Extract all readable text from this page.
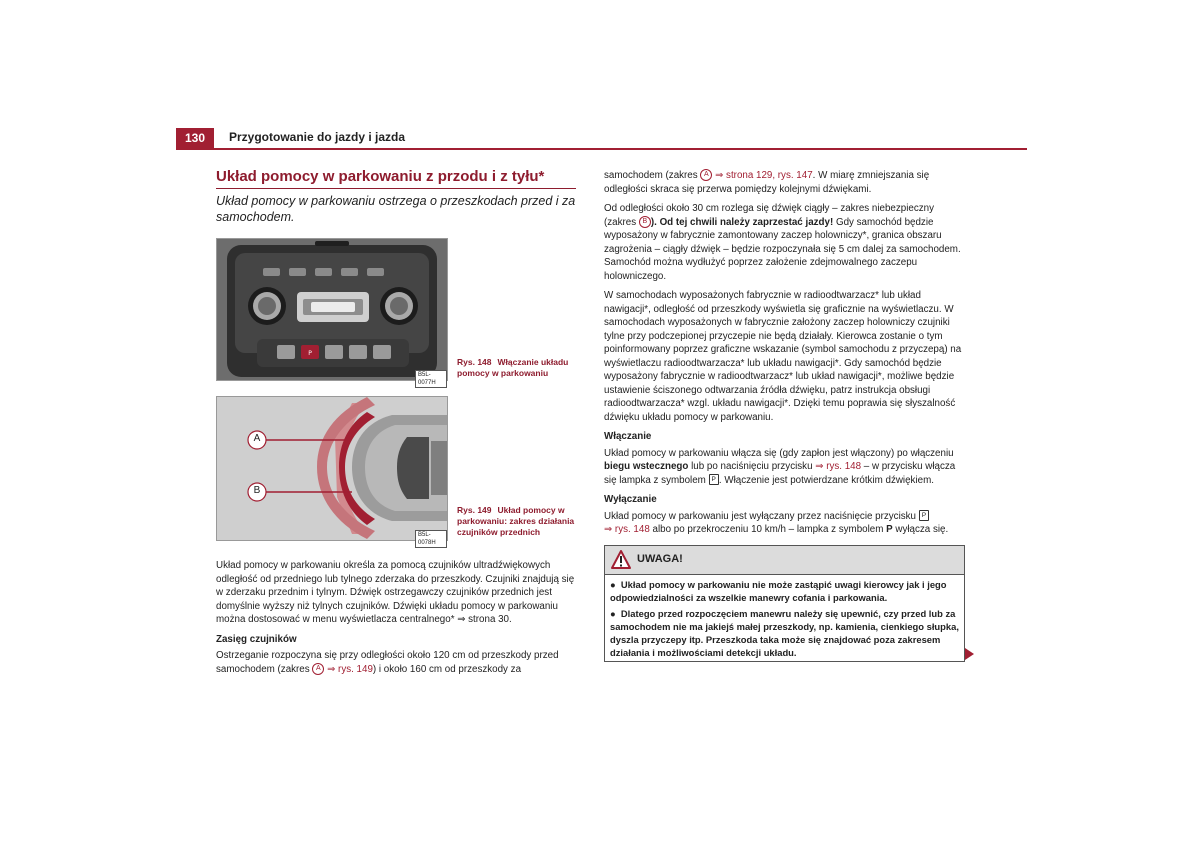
130	Przygotowanie do jazdy i jazda
Układ pomocy w parkowaniu z przodu i z tyłu*
Układ pomocy w parkowaniu ostrzega o przeszkodach przed i za samochodem.
P
B5L-0077H
Rys. 148 Włączanie układu pomocy w parkowaniu
A
B
B5L-0078H
Rys. 149 Układ pomocy w parkowaniu: zakres działania czujników przednich

Układ pomocy w parkowaniu określa za pomocą czujników ultradźwiękowych odległość od przedniego lub tylnego zderzaka do przeszkody. Czujniki znajdują się w zderzaku przednim i tylnym. Dźwięk ostrzegawczy czujników przednich jest domyślnie wyższy niż tylnych czujników. Dźwięki układu pomocy w parkowaniu można dostosować w menu wyświetlacza centralnego* ⇒ strona 30.

Zasięg czujników

Ostrzeganie rozpoczyna się przy odległości około 120 cm od przeszkody przed samochodem (zakres A ⇒ rys. 149) i około 160 cm od przeszkody za

samochodem (zakres A ⇒ strona 129, rys. 147. W miarę zmniejszania się odległości skraca się przerwa pomiędzy kolejnymi dźwiękami.

Od odległości około 30 cm rozlega się dźwięk ciągły – zakres niebezpieczny (zakres B ). Od tej chwili należy zaprzestać jazdy! Gdy samochód będzie wyposażony w fabrycznie zamontowany zaczep holowniczy*, granica obszaru zagrożenia – ciągły dźwięk – będzie rozpoczynała się 5 cm dalej za samochodem. Samochód można wydłużyć poprzez założenie zdejmowalnego zaczepu holowniczego.

W samochodach wyposażonych fabrycznie w radioodtwarzacz* lub układ nawigacji*, odległość od przeszkody wyświetla się graficznie na wyświetlaczu. W samochodach wyposażonych w fabrycznie założony zaczep holowniczy czujniki tylne przy podczepionej przyczepie nie będą działały. Kierowca zostanie o tym poinformowany poprzez graficzne wskazanie (symbol samochodu z przyczepą) na wyświetlaczu radioodtwarzacza* lub układu nawigacji*. Gdy samochód będzie wyposażony fabrycznie w radioodtwarzacz* lub układ nawigacji*, możliwe będzie ustawienie ściszonego odtwarzania źródła dźwięku, patrz instrukcja obsługi radioodtwarzacza* wzgl. układu nawigacji*. Dzięki temu poprawia się słyszalność dźwięku układu pomocy w parkowaniu.

Włączanie

Układ pomocy w parkowaniu włącza się (gdy zapłon jest włączony) po włączeniu biegu wstecznego lub po naciśnięciu przycisku ⇒ rys. 148 – w przycisku włącza się lampka z symbolem P . Włączenie jest potwierdzane krótkim dźwiękiem.

Wyłączanie

Układ pomocy w parkowaniu jest wyłączany przez naciśnięcie przycisku P
⇒ rys. 148 albo po przekroczeniu 10 km/h – lampka z symbolem P wyłącza się.

UWAGA!
● Układ pomocy w parkowaniu nie może zastąpić uwagi kierowcy jak i jego odpowiedzialności za wszelkie manewry cofania i parkowania.
● Dlatego przed rozpoczęciem manewru należy się upewnić, czy przed lub za samochodem nie ma jakiejś małej przeszkody, np. kamienia, cienkiego słupka, dyszla przyczepy itp. Przeszkoda taka może się znajdować poza zakresem działania i możliwościami detekcji układu.
